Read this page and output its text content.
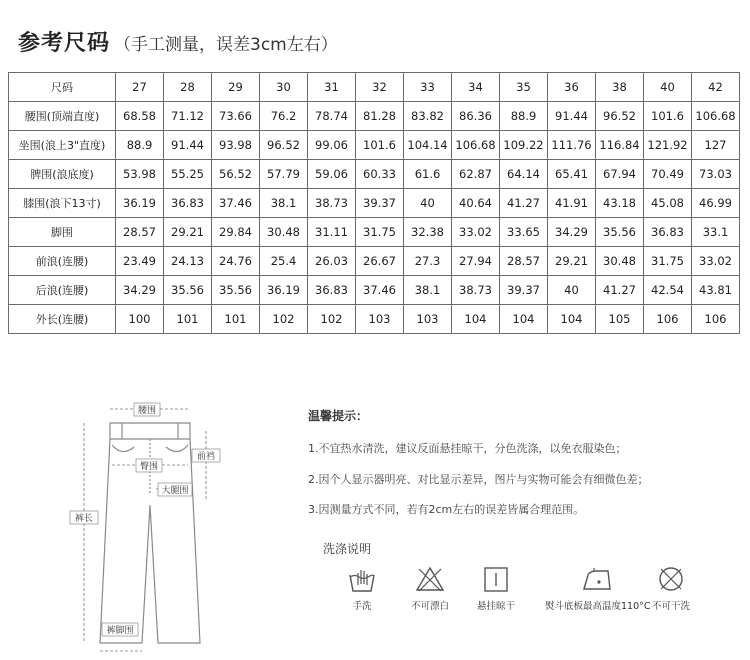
参考尺码 （手工测量，误差3cm左右）
尺码	27	28	29	30	31	32	33	34	35	36	38	40	42
腰围(顶端直度)	68.58	71.12	73.66	76.2	78.74	81.28	83.82	86.36	88.9	91.44	96.52	101.6	106.68
坐围(浪上3"直度)	88.9	91.44	93.98	96.52	99.06	101.6	104.14	106.68	109.22	111.76	116.84	121.92	127
脾围(浪底度)	53.98	55.25	56.52	57.79	59.06	60.33	61.6	62.87	64.14	65.41	67.94	70.49	73.03
膝围(浪下13寸)	36.19	36.83	37.46	38.1	38.73	39.37	40	40.64	41.27	41.91	43.18	45.08	46.99
脚围	28.57	29.21	29.84	30.48	31.11	31.75	32.38	33.02	33.65	34.29	35.56	36.83	33.1
前浪(连腰)	23.49	24.13	24.76	25.4	26.03	26.67	27.3	27.94	28.57	29.21	30.48	31.75	33.02
后浪(连腰)	34.29	35.56	35.56	36.19	36.83	37.46	38.1	38.73	39.37	40	41.27	42.54	43.81
外长(连腰)	100	101	101	102	102	103	103	104	104	104	105	106	106
腰围
前裆
臀围
大腿围
裤长
裤脚围
温馨提示：
1.不宜热水清洗，建议反面悬挂晾干，分色洗涤，以免衣服染色；
2.因个人显示器明亮、对比显示差异，图片与实物可能会有细微色差；
3.因测量方式不同，若有2cm左右的误差皆属合理范围。
洗涤说明
手洗	不可漂白	悬挂晾干	熨斗底板最高温度110°C 不可干洗
